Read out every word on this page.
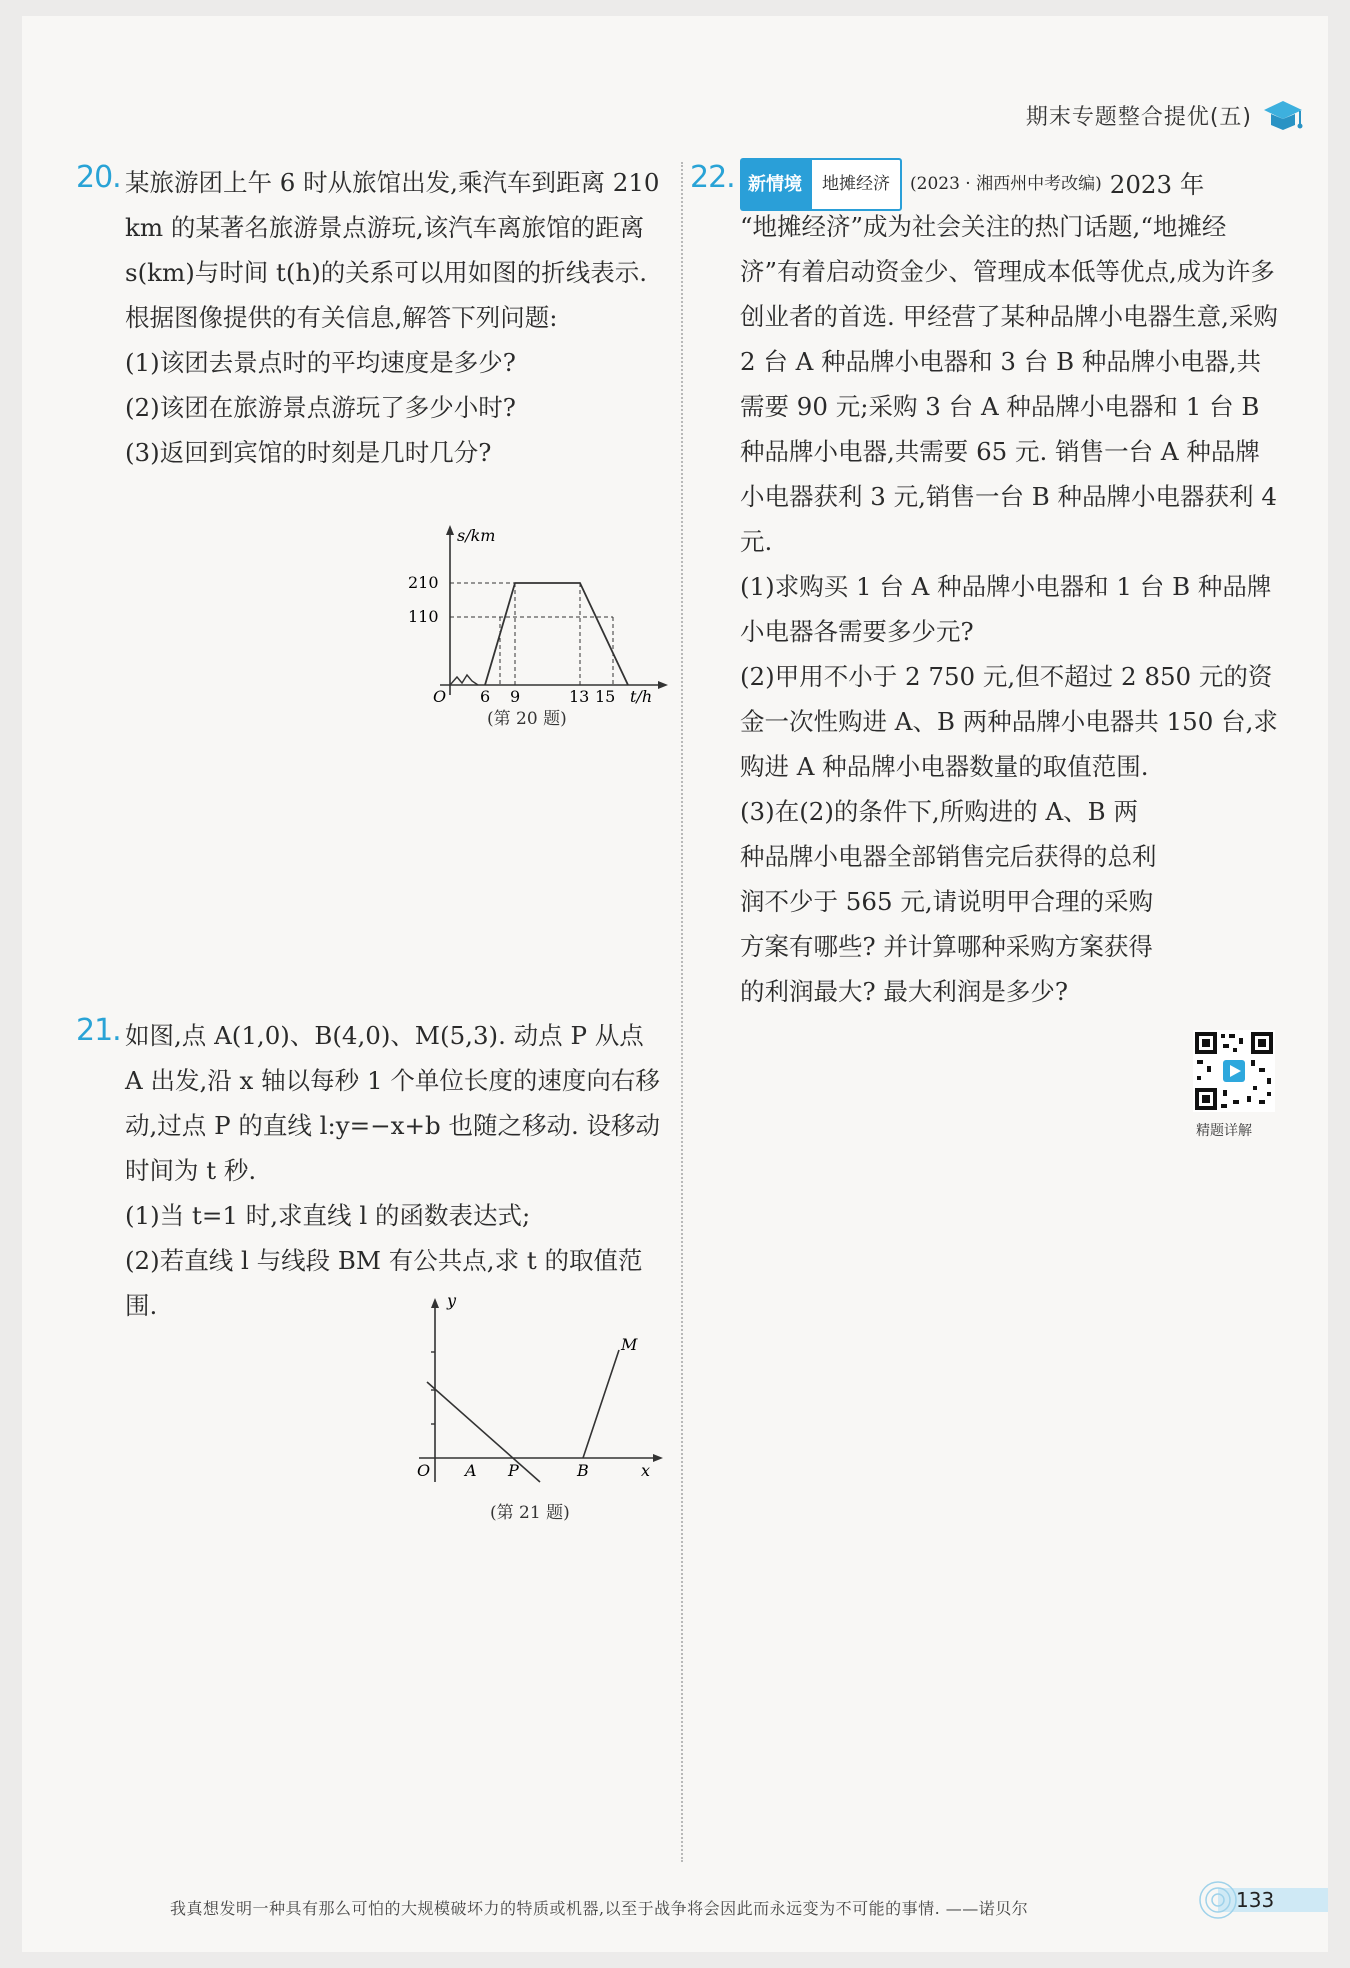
期末专题整合提优(五)
20. 某旅游团上午 6 时从旅馆出发,乘汽车到距离 210 km 的某著名旅游景点游玩,该汽车离旅馆的距离 s(km)与时间 t(h)的关系可以用如图的折线表示. 根据图像提供的有关信息,解答下列问题:

(1)该团去景点时的平均速度是多少?

(2)该团在旅游景点游玩了多少小时?

(3)返回到宾馆的时刻是几时几分?

s/km
210
110
O 6 9	13 15 t/h
(第 20 题)
21. 如图,点 A(1,0)、B(4,0)、M(5,3). 动点 P 从点 A 出发,沿 x 轴以每秒 1 个单位长度的速度向右移动,过点 P 的直线 l:y=−x+b 也随之移动. 设移动时间为 t 秒.

(1)当 t=1 时,求直线 l 的函数表达式;

(2)若直线 l 与线段 BM 有公共点,求 t 的取值范围.	y
O A P	B
M
x
(第 21 题)
22. 新情境	地摊经济	(2023 · 湘西州中考改编) 2023 年

“地摊经济”成为社会关注的热门话题,“地摊经济”有着启动资金少、管理成本低等优点,成为许多创业者的首选. 甲经营了某种品牌小电器生意,采购 2 台 A 种品牌小电器和 3 台 B 种品牌小电器,共需要 90 元;采购 3 台 A 种品牌小电器和 1 台 B 种品牌小电器,共需要 65 元. 销售一台 A 种品牌小电器获利 3 元,销售一台 B 种品牌小电器获利 4 元.

(1)求购买 1 台 A 种品牌小电器和 1 台 B 种品牌小电器各需要多少元?

(2)甲用不小于 2 750 元,但不超过 2 850 元的资金一次性购进 A、B 两种品牌小电器共 150 台,求购进 A 种品牌小电器数量的取值范围.

(3)在(2)的条件下,所购进的 A、B 两种品牌小电器全部销售完后获得的总利润不少于 565 元,请说明甲合理的采购方案有哪些? 并计算哪种采购方案获得的利润最大? 最大利润是多少?

精题详解
我真想发明一种具有那么可怕的大规模破坏力的特质或机器,以至于战争将会因此而永远变为不可能的事情. ——诺贝尔	133
